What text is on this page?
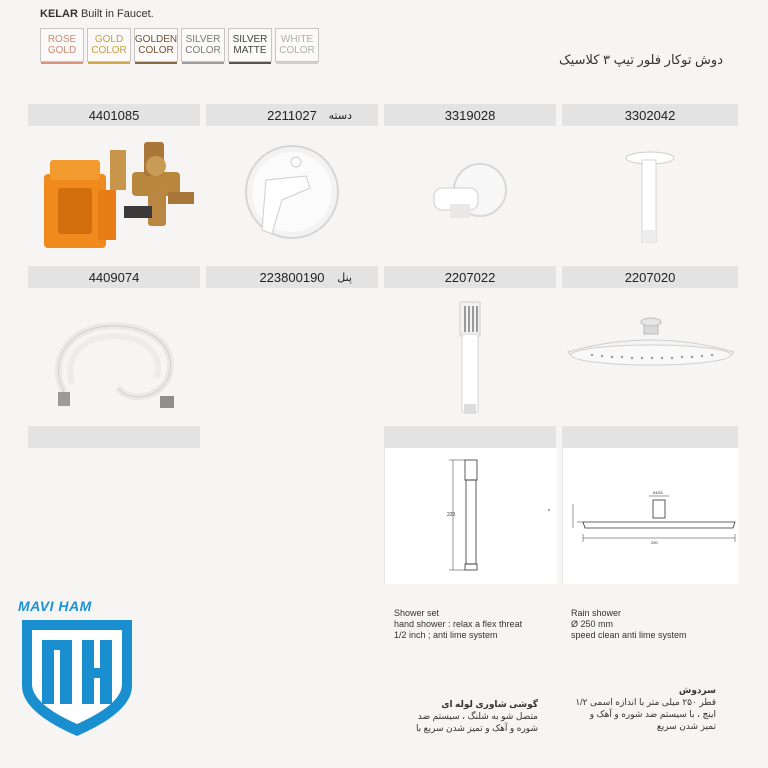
KELAR Built in Faucet.
ROSE
GOLD
GOLD
COLOR
GOLDEN
COLOR
SILVER
COLOR
SILVER
MATTE
WHITE
COLOR
دوش توکار فلور تیپ ۳ کلاسیک
4401085	2211027 دسته	3319028	3302042
4409074	223800190 پنل	2207022	2207020
220
64/51
250
Shower set
hand shower : relax a flex threat
1/2 inch ; anti lime system
Rain shower
Ø 250 mm
speed clean anti lime system
گوشی شاوری لوله ای
متصل شو به شلنگ ، سیستم ضد
شوره و آهک و تمیز شدن سریع با
سردوش
قطر ۲۵۰ میلی متر با اندازه اسمی ۱/۲
اینچ ، با سیستم ضد شوره و آهک و
تمیز شدن سریع
MAVI HAM
